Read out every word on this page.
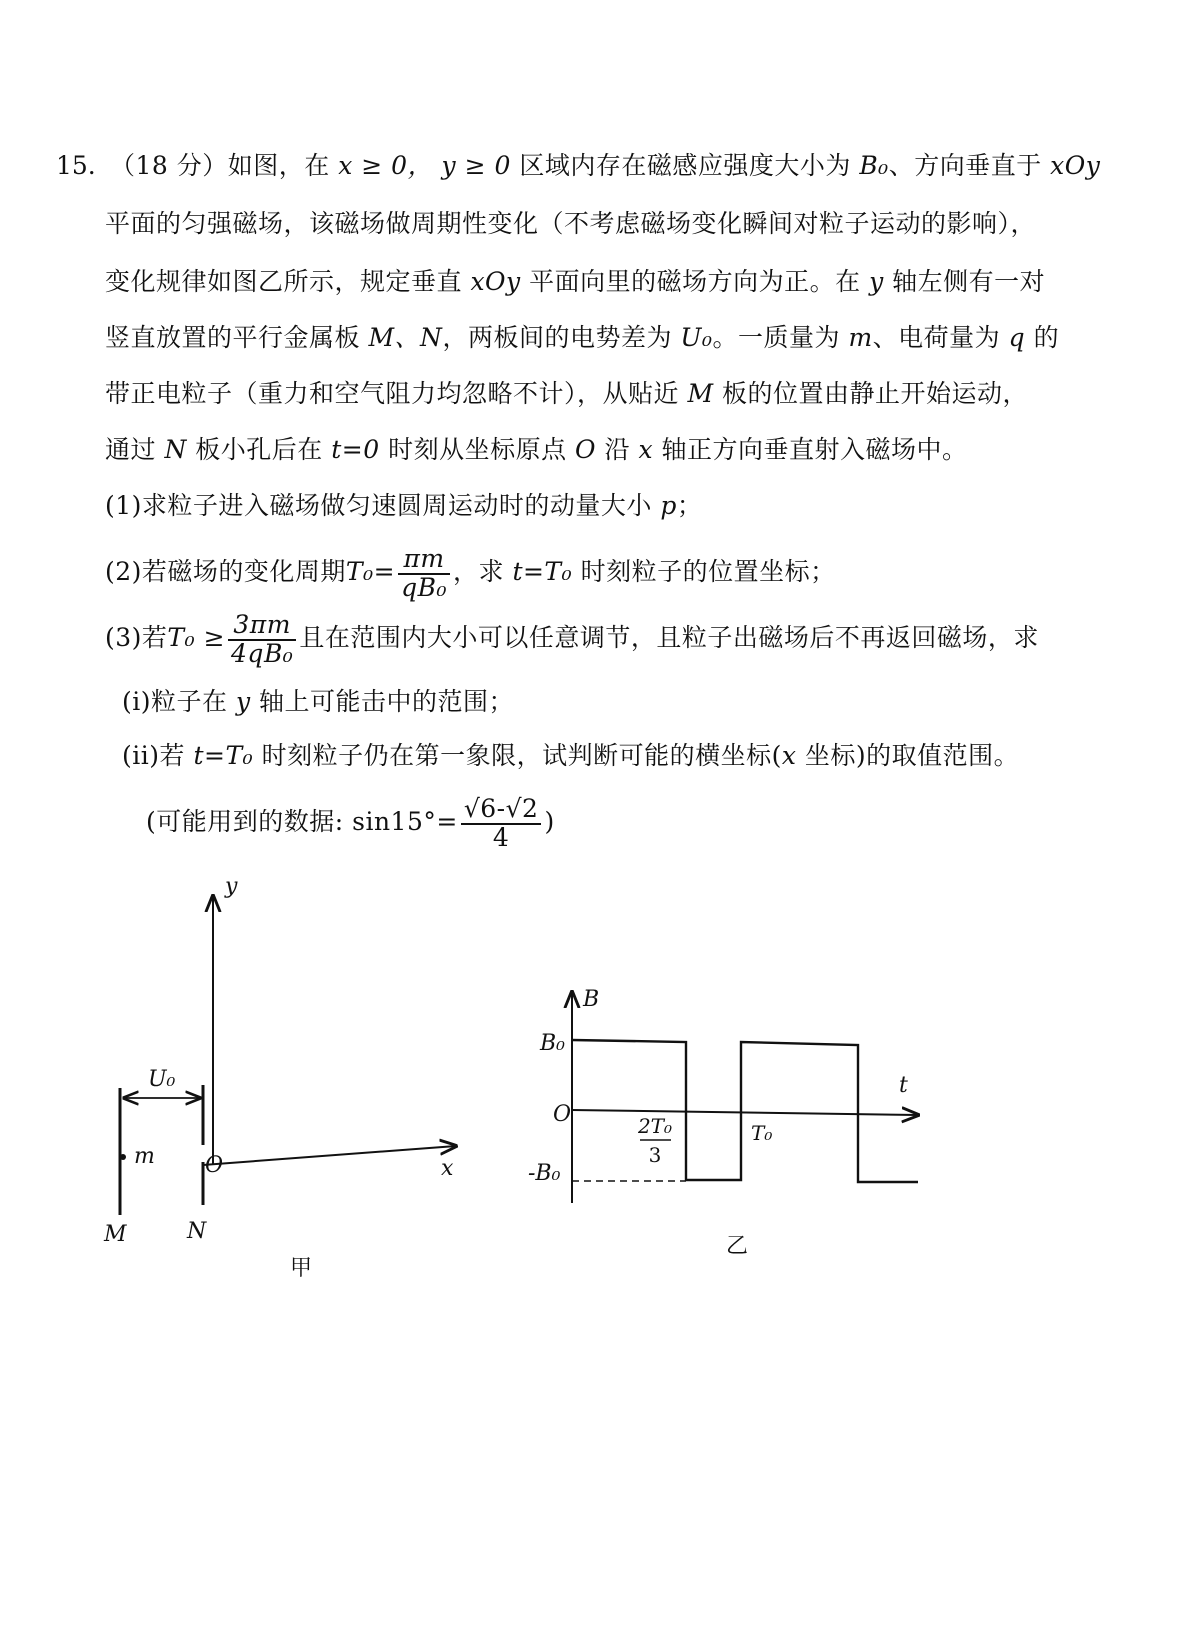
15. （18 分）如图，在 x ≥ 0， y ≥ 0 区域内存在磁感应强度大小为 B₀、方向垂直于 xOy
平面的匀强磁场，该磁场做周期性变化（不考虑磁场变化瞬间对粒子运动的影响），
变化规律如图乙所示，规定垂直 xOy 平面向里的磁场方向为正。在 y 轴左侧有一对
竖直放置的平行金属板 M、N，两板间的电势差为 U₀。一质量为 m、电荷量为 q 的
带正电粒子（重力和空气阻力均忽略不计），从贴近 M 板的位置由静止开始运动，
通过 N 板小孔后在 t=0 时刻从坐标原点 O 沿 x 轴正方向垂直射入磁场中。
(1)求粒子进入磁场做匀速圆周运动时的动量大小 p；
(2)若磁场的变化周期$T_0= \frac{\pi m}{\text{qB₀}}$ ，求 t=T₀ 时刻粒子的位置坐标；
(3)若$T_0 \ge \frac{3\pi m}{\text{4qB₀}}$ 且在范围内大小可以任意调节，且粒子出磁场后不再返回磁场，求
(i)粒子在 y 轴上可能击中的范围；
(ii)若 t=T₀ 时刻粒子仍在第一象限，试判断可能的横坐标(x 坐标)的取值范围。
(可能用到的数据: $\sin 15^\circ= \frac{√6-√2}{4}$ )
y
x
O
U₀
m
M	N
甲
B
t
O
B₀
-B₀
2T₀
3
T₀
乙
